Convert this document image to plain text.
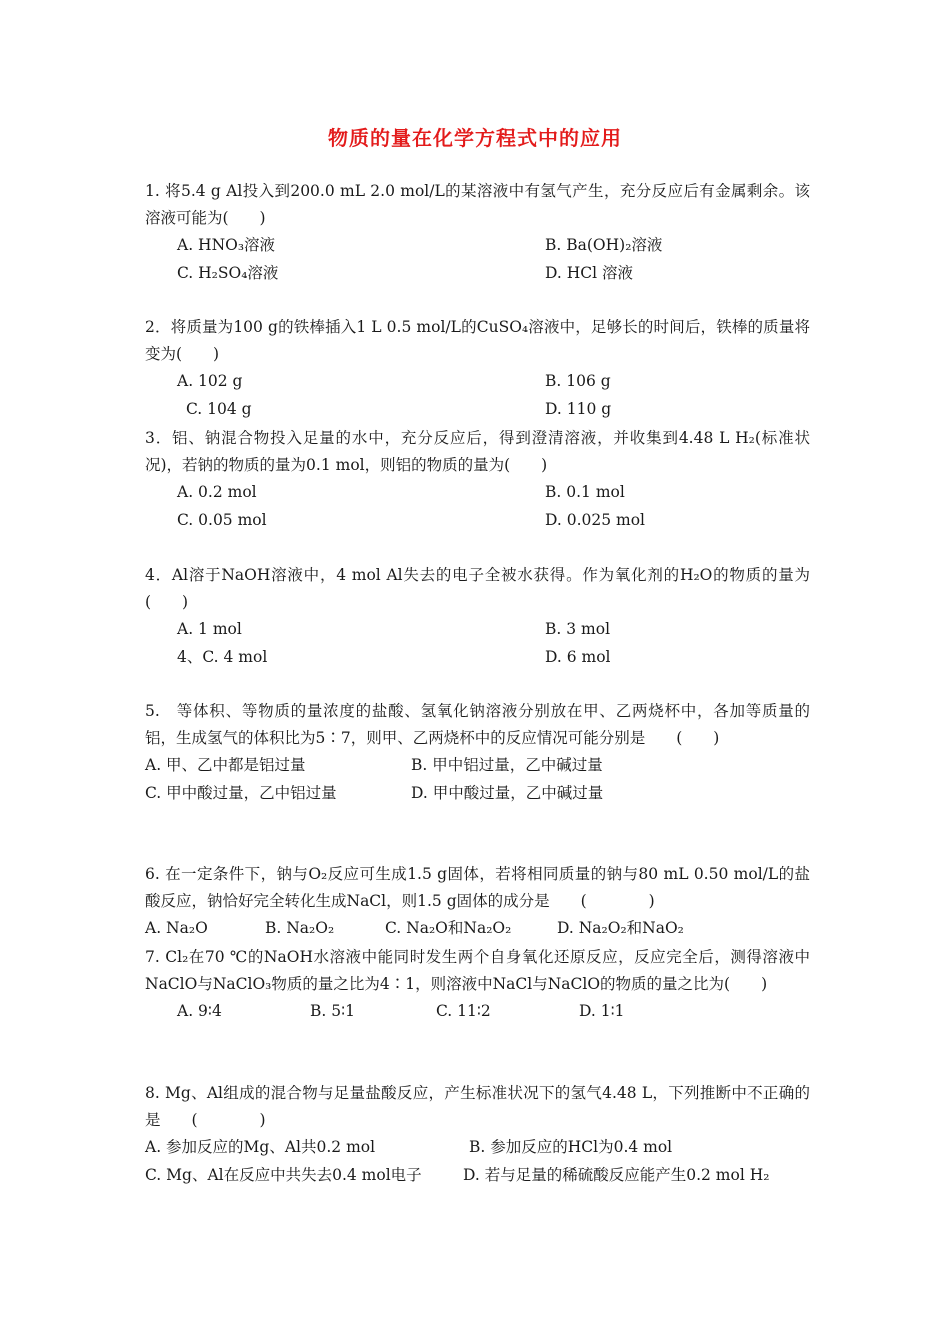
物质的量在化学方程式中的应用
1. 将5.4 g Al投入到200.0 mL 2.0 mol/L的某溶液中有氢气产生，充分反应后有金属剩余。该溶液可能为(　　)
A. HNO₃溶液	B. Ba(OH)₂溶液
C. H₂SO₄溶液	D. HCl 溶液
2．将质量为100 g的铁棒插入1 L 0.5 mol/L的CuSO₄溶液中，足够长的时间后，铁棒的质量将变为(　　)
A. 102 g	B. 106 g
C. 104 g	D. 110 g
3．铝、钠混合物投入足量的水中，充分反应后，得到澄清溶液，并收集到4.48 L H₂(标准状况)，若钠的物质的量为0.1 mol，则铝的物质的量为(　　)
A. 0.2 mol	B. 0.1 mol
C. 0.05 mol	D. 0.025 mol
4．Al溶于NaOH溶液中，4 mol Al失去的电子全被水获得。作为氧化剂的H₂O的物质的量为(　　)
A. 1 mol	B. 3 mol
4、C. 4 mol	D. 6 mol
5.　等体积、等物质的量浓度的盐酸、氢氧化钠溶液分别放在甲、乙两烧杯中，各加等质量的铝，生成氢气的体积比为5∶7，则甲、乙两烧杯中的反应情况可能分别是　　(　　)
A. 甲、乙中都是铝过量	B. 甲中铝过量，乙中碱过量
C. 甲中酸过量，乙中铝过量	D. 甲中酸过量，乙中碱过量
6. 在一定条件下，钠与O₂反应可生成1.5 g固体，若将相同质量的钠与80 mL 0.50 mol/L的盐酸反应，钠恰好完全转化生成NaCl，则1.5 g固体的成分是　　(　　　　)
A. Na₂O	B. Na₂O₂	C. Na₂O和Na₂O₂	D. Na₂O₂和NaO₂
7. Cl₂在70 ℃的NaOH水溶液中能同时发生两个自身氧化还原反应，反应完全后，测得溶液中NaClO与NaClO₃物质的量之比为4∶1，则溶液中NaCl与NaClO的物质的量之比为(　　)
A. 9∶4	B. 5∶1	C. 11∶2	D. 1∶1
8. Mg、Al组成的混合物与足量盐酸反应，产生标准状况下的氢气4.48 L，下列推断中不正确的是　　(　　　　)
A. 参加反应的Mg、Al共0.2 mol	B. 参加反应的HCl为0.4 mol
C. Mg、Al在反应中共失去0.4 mol电子	D. 若与足量的稀硫酸反应能产生0.2 mol H₂
